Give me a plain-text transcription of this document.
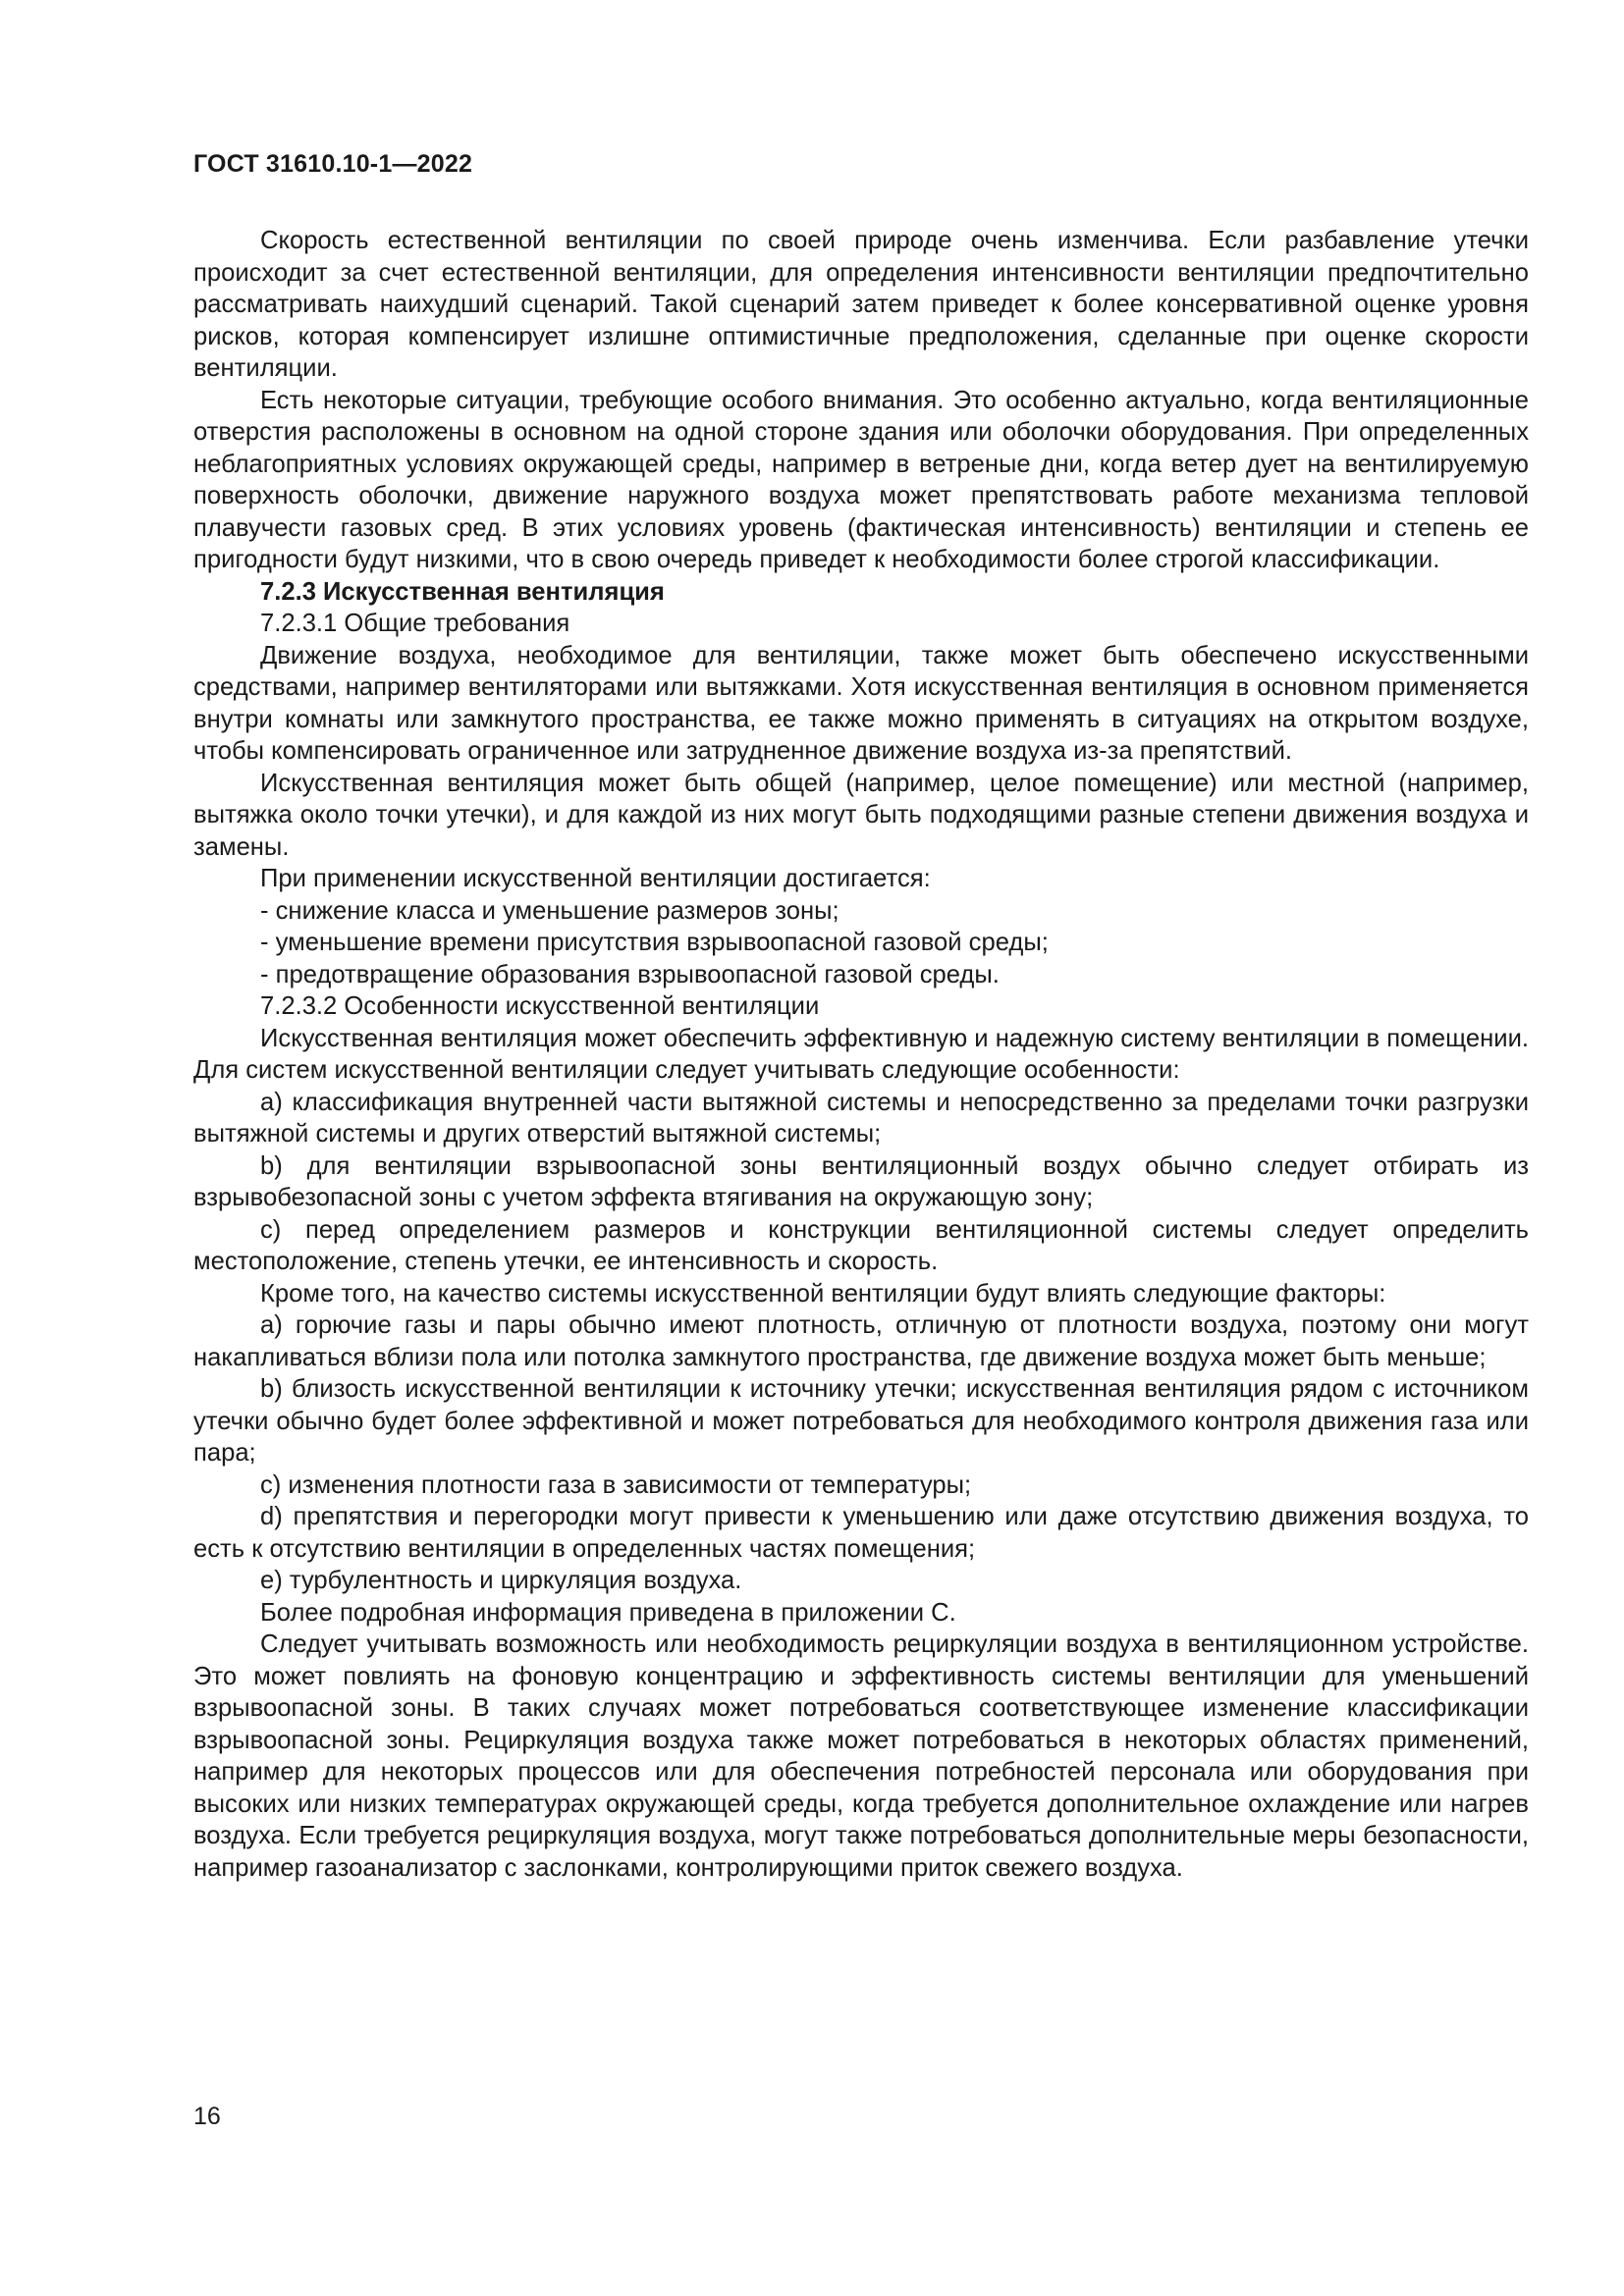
ГОСТ 31610.10-1—2022

Скорость естественной вентиляции по своей природе очень изменчива. Если разбавление утечки происходит за счет естественной вентиляции, для определения интенсивности вентиляции предпочтительно рассматривать наихудший сценарий. Такой сценарий затем приведет к более консервативной оценке уровня рисков, которая компенсирует излишне оптимистичные предположения, сделанные при оценке скорости вентиляции.

Есть некоторые ситуации, требующие особого внимания. Это особенно актуально, когда вентиляционные отверстия расположены в основном на одной стороне здания или оболочки оборудования. При определенных неблагоприятных условиях окружающей среды, например в ветреные дни, когда ветер дует на вентилируемую поверхность оболочки, движение наружного воздуха может препятствовать работе механизма тепловой плавучести газовых сред. В этих условиях уровень (фактическая интенсивность) вентиляции и степень ее пригодности будут низкими, что в свою очередь приведет к необходимости более строгой классификации.

7.2.3 Искусственная вентиляция

7.2.3.1 Общие требования

Движение воздуха, необходимое для вентиляции, также может быть обеспечено искусственными средствами, например вентиляторами или вытяжками. Хотя искусственная вентиляция в основном применяется внутри комнаты или замкнутого пространства, ее также можно применять в ситуациях на открытом воздухе, чтобы компенсировать ограниченное или затрудненное движение воздуха из-за препятствий.

Искусственная вентиляция может быть общей (например, целое помещение) или местной (например, вытяжка около точки утечки), и для каждой из них могут быть подходящими разные степени движения воздуха и замены.

При применении искусственной вентиляции достигается:

- снижение класса и уменьшение размеров зоны;

- уменьшение времени присутствия взрывоопасной газовой среды;

- предотвращение образования взрывоопасной газовой среды.

7.2.3.2 Особенности искусственной вентиляции

Искусственная вентиляция может обеспечить эффективную и надежную систему вентиляции в помещении. Для систем искусственной вентиляции следует учитывать следующие особенности:

a) классификация внутренней части вытяжной системы и непосредственно за пределами точки разгрузки вытяжной системы и других отверстий вытяжной системы;

b) для вентиляции взрывоопасной зоны вентиляционный воздух обычно следует отбирать из взрывобезопасной зоны с учетом эффекта втягивания на окружающую зону;

c) перед определением размеров и конструкции вентиляционной системы следует определить местоположение, степень утечки, ее интенсивность и скорость.

Кроме того, на качество системы искусственной вентиляции будут влиять следующие факторы:

a) горючие газы и пары обычно имеют плотность, отличную от плотности воздуха, поэтому они могут накапливаться вблизи пола или потолка замкнутого пространства, где движение воздуха может быть меньше;

b) близость искусственной вентиляции к источнику утечки; искусственная вентиляция рядом с источником утечки обычно будет более эффективной и может потребоваться для необходимого контроля движения газа или пара;

c) изменения плотности газа в зависимости от температуры;

d) препятствия и перегородки могут привести к уменьшению или даже отсутствию движения воздуха, то есть к отсутствию вентиляции в определенных частях помещения;

e) турбулентность и циркуляция воздуха.

Более подробная информация приведена в приложении С.

Следует учитывать возможность или необходимость рециркуляции воздуха в вентиляционном устройстве. Это может повлиять на фоновую концентрацию и эффективность системы вентиляции для уменьшений взрывоопасной зоны. В таких случаях может потребоваться соответствующее изменение классификации взрывоопасной зоны. Рециркуляция воздуха также может потребоваться в некоторых областях применений, например для некоторых процессов или для обеспечения потребностей персонала или оборудования при высоких или низких температурах окружающей среды, когда требуется дополнительное охлаждение или нагрев воздуха. Если требуется рециркуляция воздуха, могут также потребоваться дополнительные меры безопасности, например газоанализатор с заслонками, контролирующими приток свежего воздуха.

16
